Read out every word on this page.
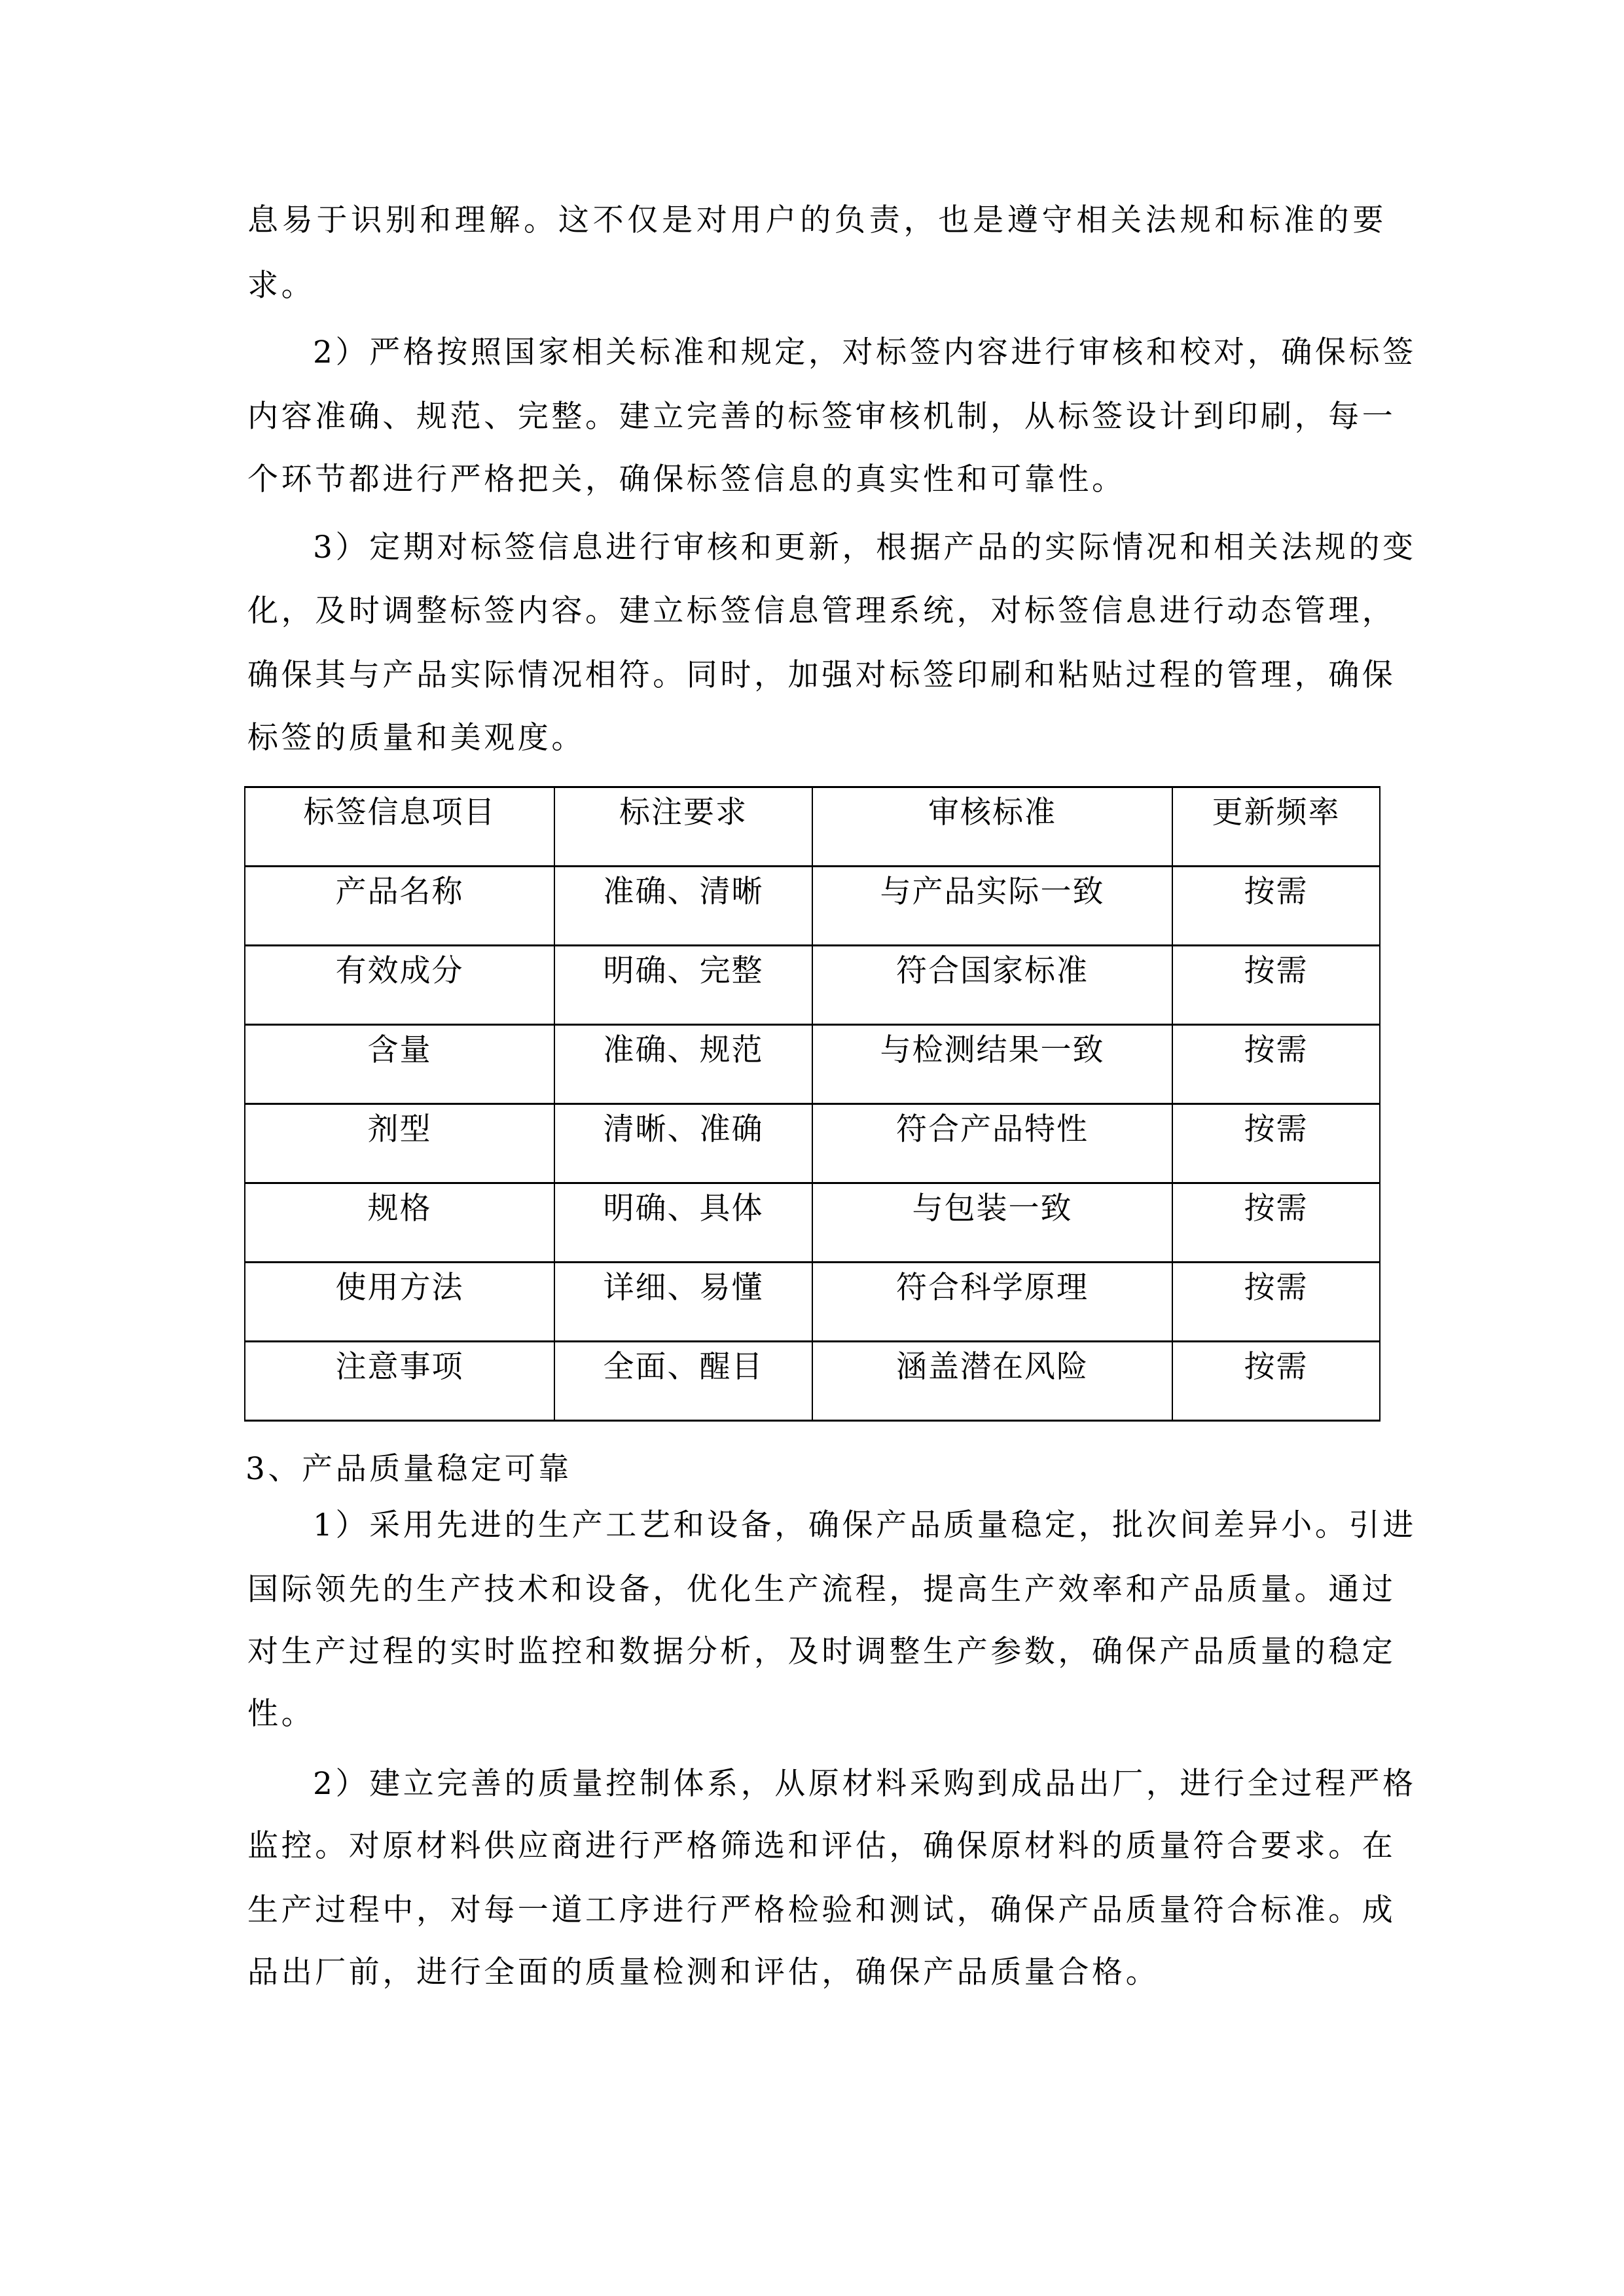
息易于识别和理解。这不仅是对用户的负责，也是遵守相关法规和标准的要
求。
2）严格按照国家相关标准和规定，对标签内容进行审核和校对，确保标签
内容准确、规范、完整。建立完善的标签审核机制，从标签设计到印刷，每一
个环节都进行严格把关，确保标签信息的真实性和可靠性。
3）定期对标签信息进行审核和更新，根据产品的实际情况和相关法规的变
化，及时调整标签内容。建立标签信息管理系统，对标签信息进行动态管理，
确保其与产品实际情况相符。同时，加强对标签印刷和粘贴过程的管理，确保
标签的质量和美观度。
标签信息项目	标注要求	审核标准	更新频率

产品名称	准确、清晰	与产品实际一致	按需

有效成分	明确、完整	符合国家标准	按需

含量	准确、规范	与检测结果一致	按需

剂型	清晰、准确	符合产品特性	按需

规格	明确、具体	与包装一致	按需

使用方法	详细、易懂	符合科学原理	按需

注意事项	全面、醒目	涵盖潜在风险	按需
3、产品质量稳定可靠
1）采用先进的生产工艺和设备，确保产品质量稳定，批次间差异小。引进
国际领先的生产技术和设备，优化生产流程，提高生产效率和产品质量。通过
对生产过程的实时监控和数据分析，及时调整生产参数，确保产品质量的稳定
性。
2）建立完善的质量控制体系，从原材料采购到成品出厂，进行全过程严格
监控。对原材料供应商进行严格筛选和评估，确保原材料的质量符合要求。在
生产过程中，对每一道工序进行严格检验和测试，确保产品质量符合标准。成
品出厂前，进行全面的质量检测和评估，确保产品质量合格。
